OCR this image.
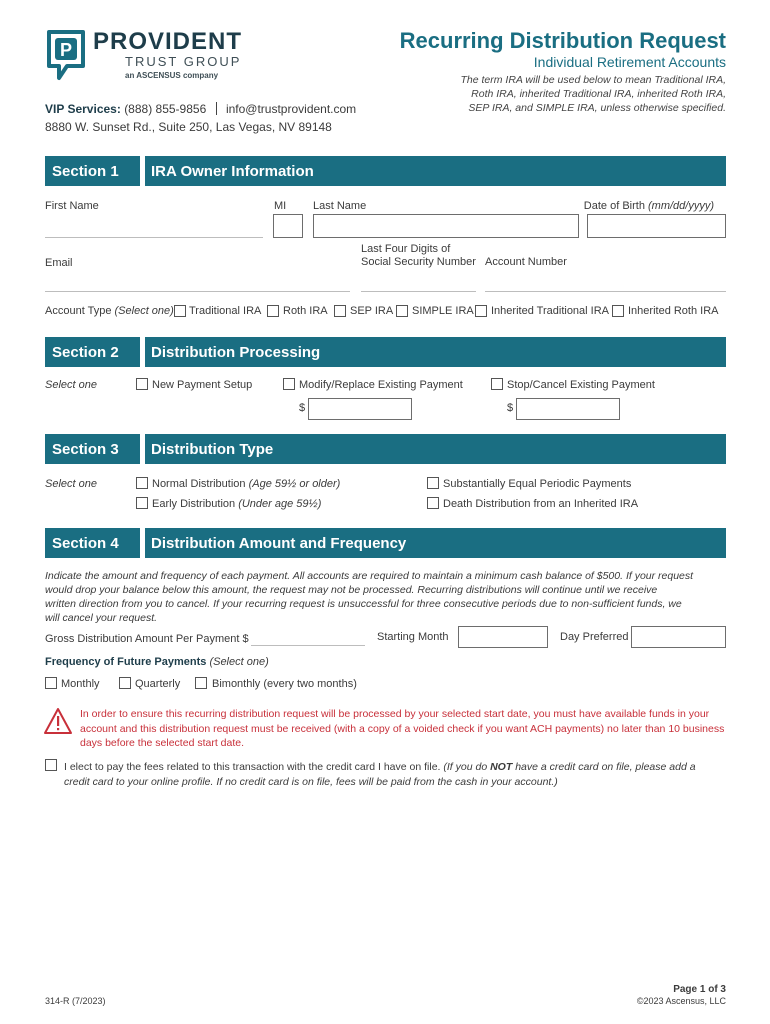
P PROVIDENT
TRUST GROUP
an ASCENSUS company
Recurring Distribution Request
Individual Retirement Accounts
The term IRA will be used below to mean Traditional IRA,
Roth IRA, inherited Traditional IRA, inherited Roth IRA,
SEP IRA, and SIMPLE IRA, unless otherwise specified.
VIP Services: (888) 855-9856 info@trustprovident.com
8880 W. Sunset Rd., Suite 250, Las Vegas, NV 89148
Section 1	IRA Owner Information
First Name	MI Last Name	Date of Birth (mm/dd/yyyy)
Email
Last Four Digits of
Social Security Number Account Number
Account Type (Select one) Traditional IRA Roth IRA SEP IRA SIMPLE IRA Inherited Traditional IRA Inherited Roth IRA
Section 2	Distribution Processing
Select one	New Payment Setup	Modify/Replace Existing Payment	Stop/Cancel Existing Payment
$	$
Section 3	Distribution Type
Select one	Normal Distribution (Age 59½ or older)
Early Distribution (Under age 59½)
Substantially Equal Periodic Payments
Death Distribution from an Inherited IRA
Section 4	Distribution Amount and Frequency
Indicate the amount and frequency of each payment. All accounts are required to maintain a minimum cash balance of $500. If your request
would drop your balance below this amount, the request may not be processed. Recurring distributions will continue until we receive
written direction from you to cancel. If your recurring request is unsuccessful for three consecutive periods due to non-sufficient funds, we
will cancel your request.
Gross Distribution Amount Per Payment $	Starting Month	Day Preferred
Frequency of Future Payments (Select one)
Monthly	Quarterly	Bimonthly (every two months)
In order to ensure this recurring distribution request will be processed by your selected start date, you must have available funds in your
account and this distribution request must be received (with a copy of a voided check if you want ACH payments) no later than 10 business
days before the selected start date.
I elect to pay the fees related to this transaction with the credit card I have on file. (If you do NOT have a credit card on file, please add a
credit card to your online profile. If no credit card is on file, fees will be paid from the cash in your account.)
314-R (7/2023)
Page 1 of 3
©2023 Ascensus, LLC
